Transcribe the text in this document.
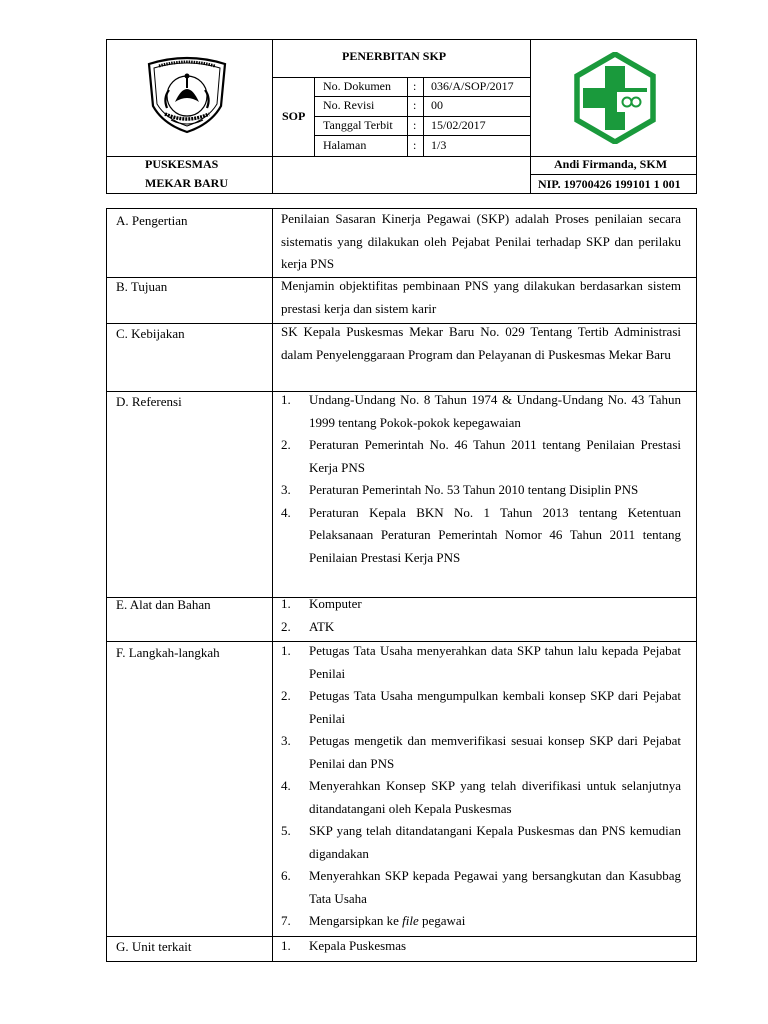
PENERBITAN SKP
SOP
No. Dokumen : 036/A/SOP/2017
No. Revisi	: 00
Tanggal Terbit : 15/02/2017
Halaman	: 1/3
PUSKESMAS
MEKAR BARU
Andi Firmanda, SKM
NIP. 19700426 199101 1 001
A. Pengertian	Penilaian Sasaran Kinerja Pegawai (SKP) adalah Proses penilaian secara sistematis yang dilakukan oleh Pejabat Penilai terhadap SKP dan perilaku kerja PNS
B. Tujuan	Menjamin objektifitas pembinaan PNS yang dilakukan berdasarkan sistem prestasi kerja dan sistem karir
C. Kebijakan	SK Kepala Puskesmas Mekar Baru No. 029 Tentang Tertib Administrasi dalam Penyelenggaraan Program dan Pelayanan di Puskesmas Mekar Baru
D. Referensi	1. Undang-Undang No. 8 Tahun 1974 & Undang-Undang No. 43 Tahun 1999 tentang Pokok-pokok kepegawaian
2. Peraturan Pemerintah No. 46 Tahun 2011 tentang Penilaian Prestasi Kerja PNS
3. Peraturan Pemerintah No. 53 Tahun 2010 tentang Disiplin PNS
4. Peraturan Kepala BKN No. 1 Tahun 2013 tentang Ketentuan Pelaksanaan Peraturan Pemerintah Nomor 46 Tahun 2011 tentang Penilaian Prestasi Kerja PNS
E. Alat dan Bahan	1. Komputer
2. ATK
F. Langkah-langkah	1. Petugas Tata Usaha menyerahkan data SKP tahun lalu kepada Pejabat Penilai
2. Petugas Tata Usaha mengumpulkan kembali konsep SKP dari Pejabat Penilai
3. Petugas mengetik dan memverifikasi sesuai konsep SKP dari Pejabat Penilai dan PNS
4. Menyerahkan Konsep SKP yang telah diverifikasi untuk selanjutnya ditandatangani oleh Kepala Puskesmas
5. SKP yang telah ditandatangani Kepala Puskesmas dan PNS kemudian digandakan
6. Menyerahkan SKP kepada Pegawai yang bersangkutan dan Kasubbag Tata Usaha
7. Mengarsipkan ke file pegawai
G. Unit terkait	1. Kepala Puskesmas
